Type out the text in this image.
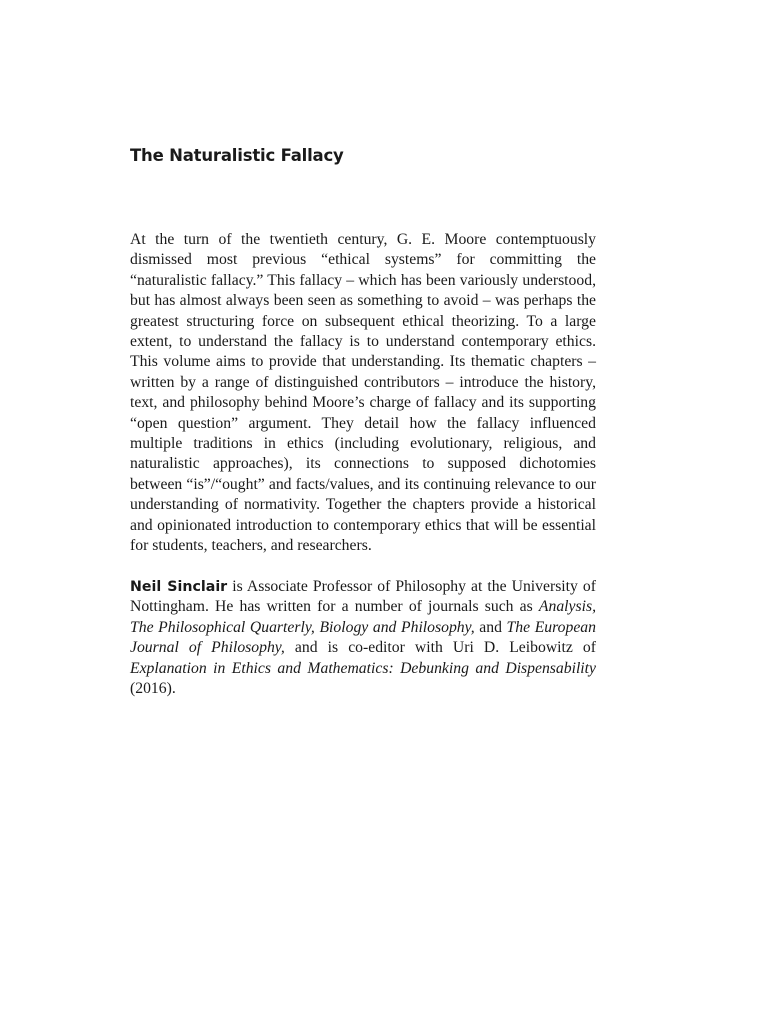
The Naturalistic Fallacy

At the turn of the twentieth century, G. E. Moore contemptuously dismissed most previous “ethical systems” for committing the “naturalistic fallacy.” This fallacy – which has been variously understood, but has almost always been seen as something to avoid – was perhaps the greatest structuring force on subsequent ethical theorizing. To a large extent, to understand the fallacy is to understand contemporary ethics. This volume aims to provide that understanding. Its thematic chapters – written by a range of distinguished contributors – introduce the history, text, and philosophy behind Moore’s charge of fallacy and its supporting “open question” argument. They detail how the fallacy influenced multiple traditions in ethics (including evolutionary, religious, and naturalistic approaches), its connections to supposed dichotomies between “is”/“ought” and facts/values, and its continuing relevance to our understanding of normativity. Together the chapters provide a historical and opinionated introduction to contemporary ethics that will be essential for students, teachers, and researchers.

Neil Sinclair is Associate Professor of Philosophy at the University of Nottingham. He has written for a number of journals such as Analysis, The Philosophical Quarterly, Biology and Philosophy, and The European Journal of Philosophy, and is co-editor with Uri D. Leibowitz of Explanation in Ethics and Mathematics: Debunking and Dispensability (2016).
